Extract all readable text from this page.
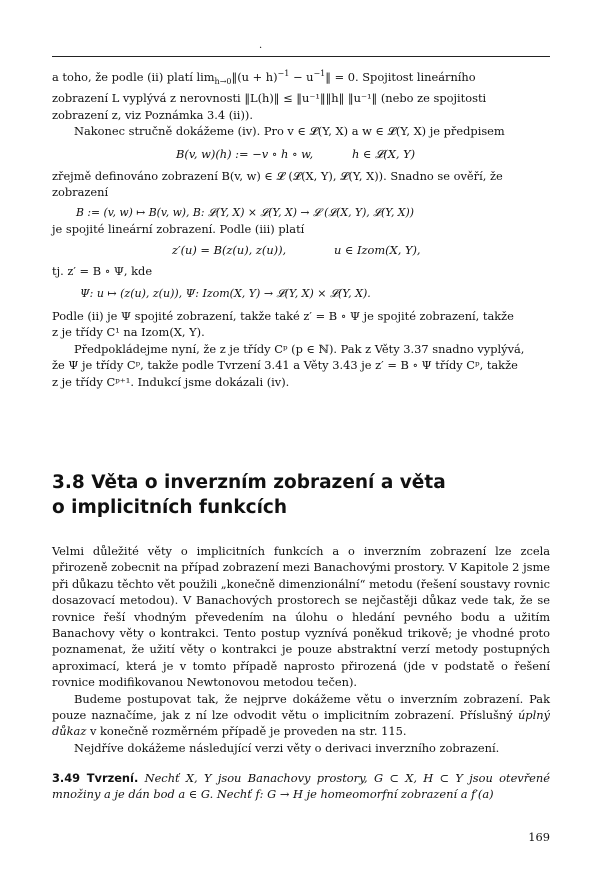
.

a toho, že podle (ii) platí $\lim_{h\to 0}‖(u + h)^{-1}$ − $u^{-1}‖ = 0$. Spojitost lineárního

zobrazení L vyplývá z nerovnosti ‖L(h)‖ ≤ ‖u⁻¹‖‖h‖ ‖u⁻¹‖ (nebo ze spojitosti

zobrazení z, viz Poznámka 3.4 (ii)).

Nakonec stručně dokážeme (iv). Pro v ∈ 𝓛(Y, X) a w ∈ 𝓛(Y, X) je předpisem

B(v, w)(h) := −v ∘ h ∘ w,	h ∈ 𝓛(X, Y)

zřejmě definováno zobrazení B(v, w) ∈ 𝓛 (𝓛(X, Y), 𝓛(Y, X)). Snadno se ověří, že

zobrazení

B := (v, w) ↦ B(v, w), B: 𝓛(Y, X) × 𝓛(Y, X) → 𝓛 (𝓛(X, Y), 𝓛(Y, X))

je spojité lineární zobrazení. Podle (iii) platí

z′(u) = B(z(u), z(u)),	u ∈ Izom(X, Y),

tj. z′ = B ∘ Ψ, kde

Ψ: u ↦ (z(u), z(u)), Ψ: Izom(X, Y) → 𝓛(Y, X) × 𝓛(Y, X).

Podle (ii) je Ψ spojité zobrazení, takže také z′ = B ∘ Ψ je spojité zobrazení, takže

z je třídy C¹ na Izom(X, Y).

Předpokládejme nyní, že z je třídy Cᵖ (p ∈ ℕ). Pak z Věty 3.37 snadno vyplývá,

že Ψ je třídy Cᵖ, takže podle Tvrzení 3.41 a Věty 3.43 je z′ = B ∘ Ψ třídy Cᵖ, takže

z je třídy Cᵖ⁺¹. Indukcí jsme dokázali (iv).

3.8 Věta o inverzním zobrazení a věta
o implicitních funkcích

Velmi důležité věty o implicitních funkcích a o inverzním zobrazení lze zcela přirozeně zobecnit na případ zobrazení mezi Banachovými prostory. V Kapitole 2 jsme při důkazu těchto vět použili „konečně dimenzionální“ metodu (řešení soustavy rovnic dosazovací metodou). V Banachových prostorech se nejčastěji důkaz vede tak, že se rovnice řeší vhodným převedením na úlohu o hledání pevného bodu a užitím Banachovy věty o kontrakci. Tento postup vyznívá poněkud trikově; je vhodné proto poznamenat, že užití věty o kontrakci je pouze abstraktní verzí metody postupných aproximací, která je v tomto případě naprosto přirozená (jde v podstatě o řešení rovnice modifikovanou Newtonovou metodou tečen).

Budeme postupovat tak, že nejprve dokážeme větu o inverzním zobrazení. Pak pouze naznačíme, jak z ní lze odvodit větu o implicitním zobrazení. Příslušný úplný důkaz v konečně rozměrném případě je proveden na str. 115.

Nejdříve dokážeme následující verzi věty o derivaci inverzního zobrazení.

3.49 Tvrzení. Nechť X, Y jsou Banachovy prostory, G ⊂ X, H ⊂ Y jsou otevřené množiny a je dán bod a ∈ G. Nechť f: G → H je homeomorfní zobrazení a f′(a)

169
